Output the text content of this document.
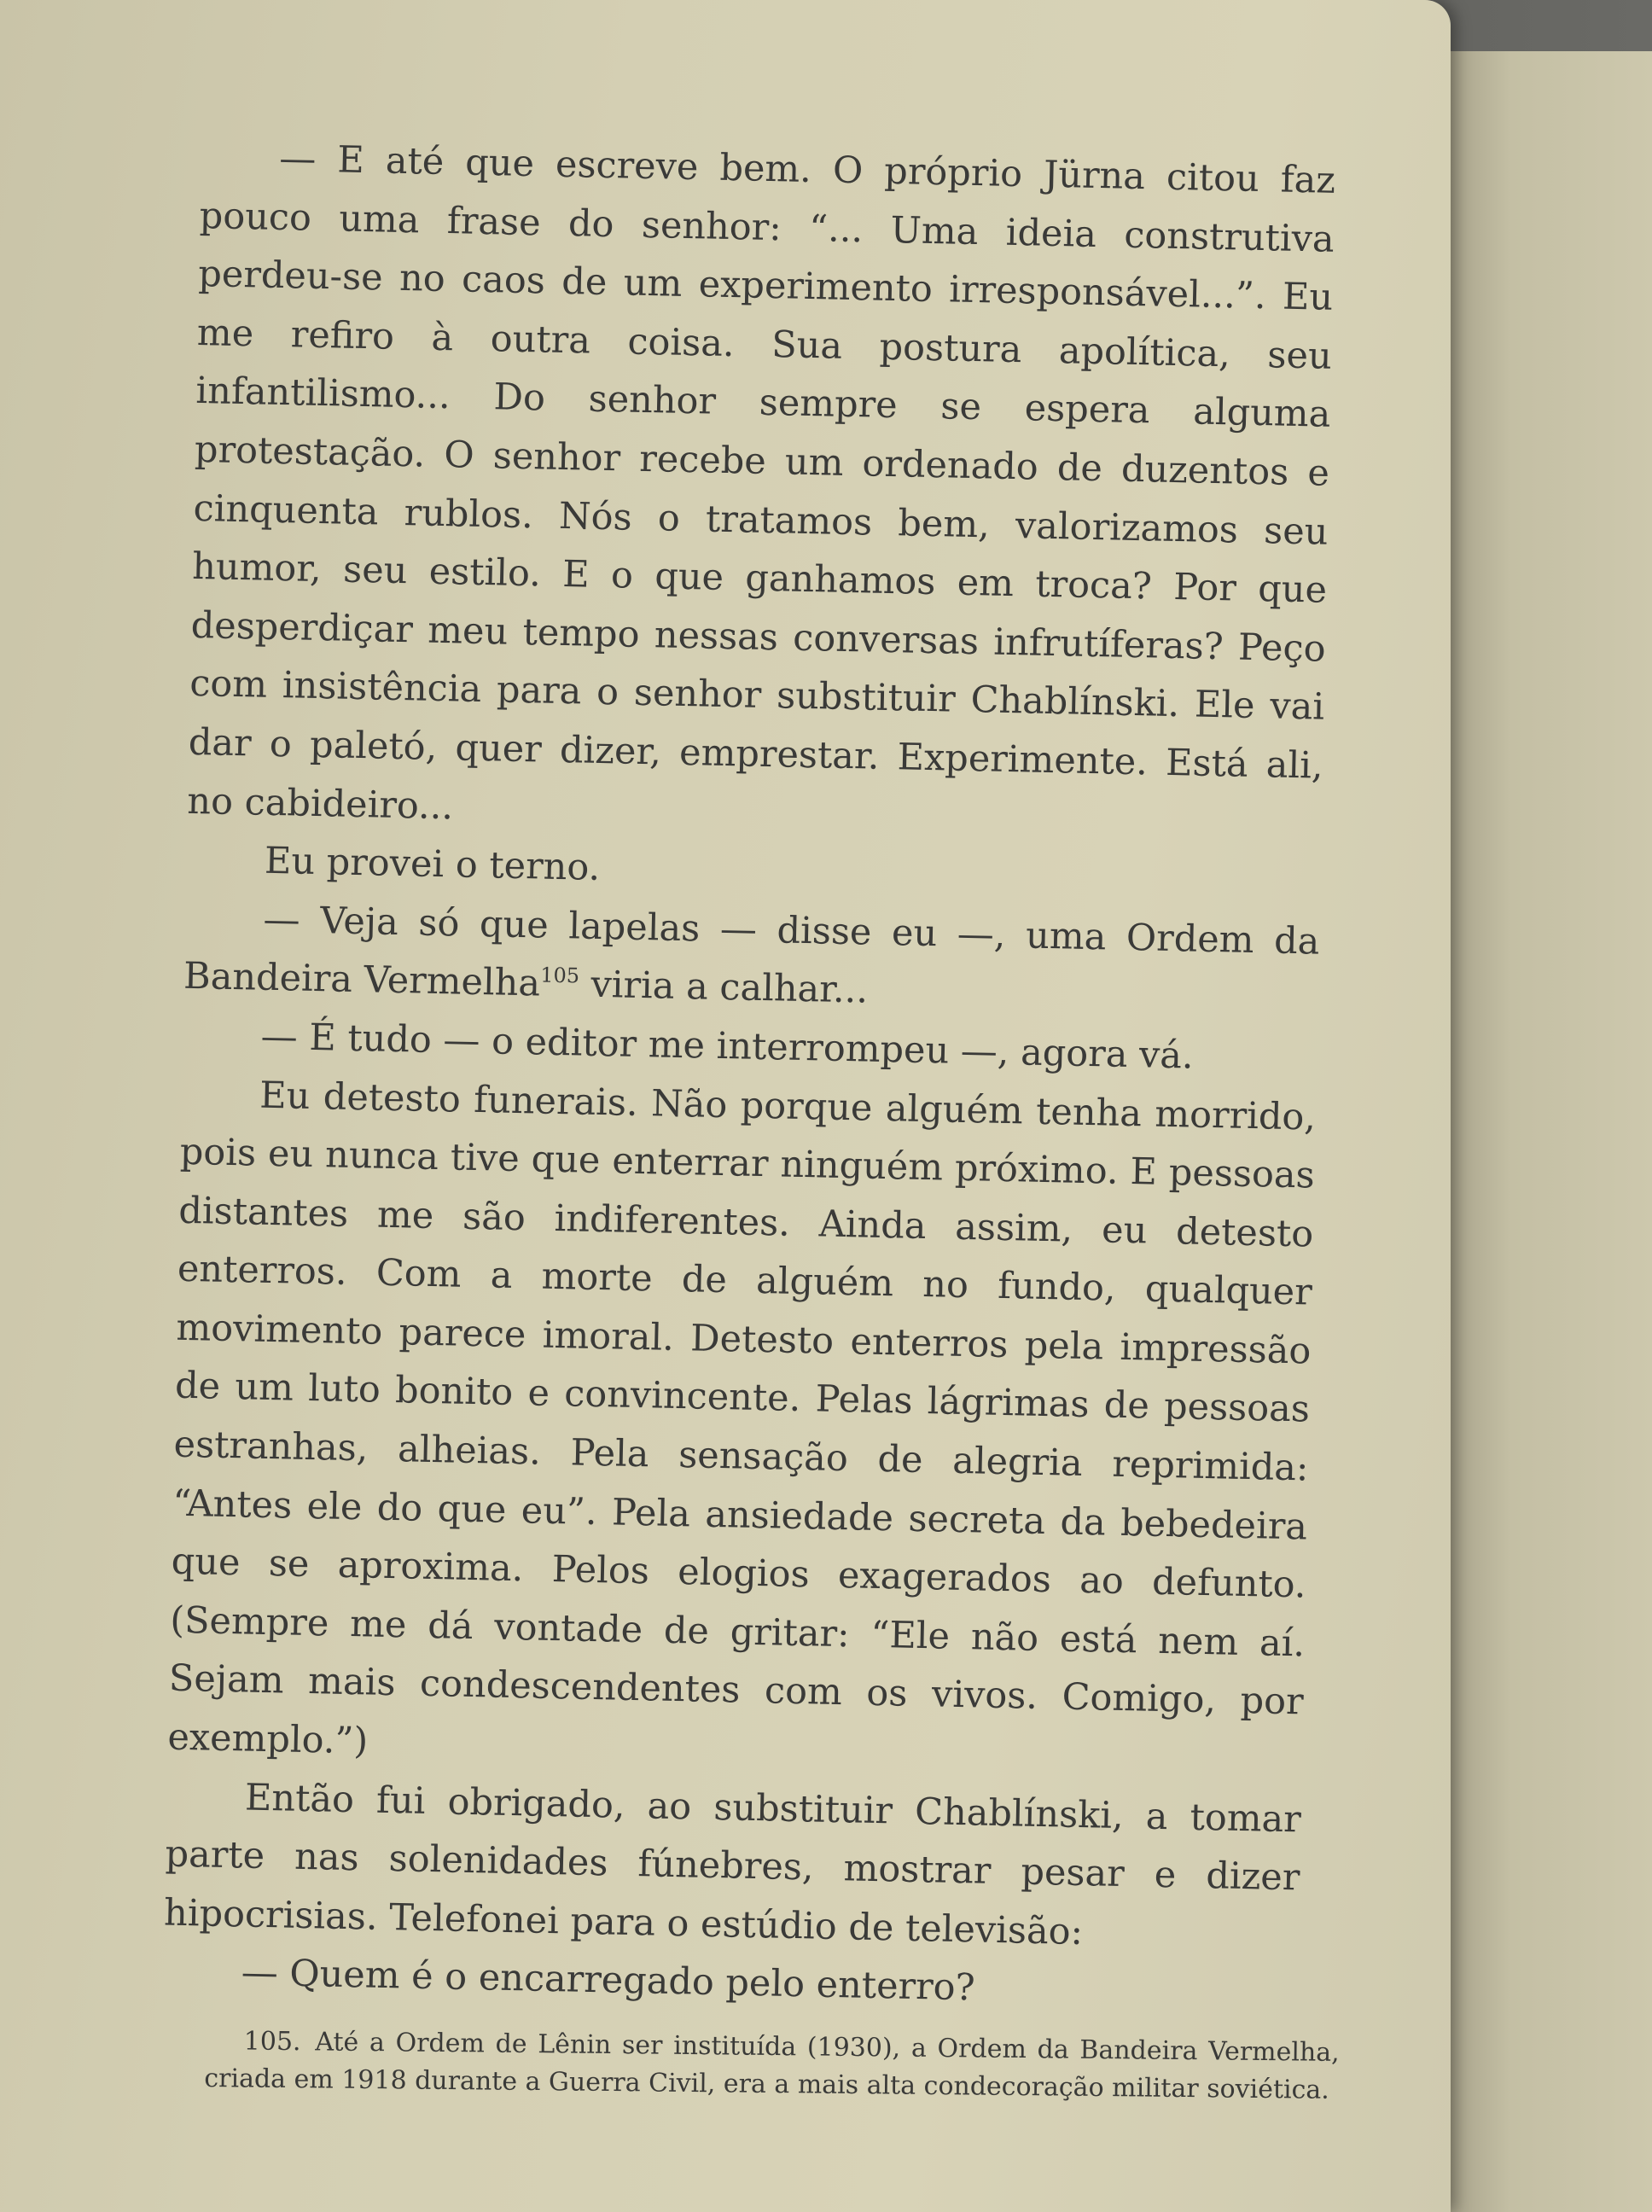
— E até que escreve bem. O próprio Jürna citou faz pouco uma frase do senhor: “... Uma ideia construtiva perdeu-se no caos de um experimento irresponsável...”. Eu me refiro à outra coisa. Sua postura apolítica, seu infantilismo... Do senhor sempre se espera alguma protestação. O senhor recebe um ordenado de duzentos e cinquenta rublos. Nós o tratamos bem, valorizamos seu humor, seu estilo. E o que ganhamos em troca? Por que desperdiçar meu tempo nessas conversas infrutíferas? Peço com insistência para o senhor substituir Chablínski. Ele vai dar o paletó, quer dizer, emprestar. Experimente. Está ali, no cabideiro...

Eu provei o terno.

— Veja só que lapelas — disse eu —, uma Ordem da Bandeira Vermelha$^{105}$ viria a calhar...

— É tudo — o editor me interrompeu —, agora vá.

Eu detesto funerais. Não porque alguém tenha morrido, pois eu nunca tive que enterrar ninguém próximo. E pessoas distantes me são indiferentes. Ainda assim, eu detesto enterros. Com a morte de alguém no fundo, qualquer movimento parece imoral. Detesto enterros pela impressão de um luto bonito e convincente. Pelas lágrimas de pessoas estranhas, alheias. Pela sensação de alegria reprimida: “Antes ele do que eu”. Pela ansiedade secreta da bebedeira que se aproxima. Pelos elogios exagerados ao defunto. (Sempre me dá vontade de gritar: “Ele não está nem aí. Sejam mais condescendentes com os vivos. Comigo, por exemplo.”)

Então fui obrigado, ao substituir Chablínski, a tomar parte nas solenidades fúnebres, mostrar pesar e dizer hipocrisias. Telefonei para o estúdio de televisão:

— Quem é o encarregado pelo enterro?

105. Até a Ordem de Lênin ser instituída (1930), a Ordem da Bandeira Vermelha, criada em 1918 durante a Guerra Civil, era a mais alta condecoração militar soviética.
